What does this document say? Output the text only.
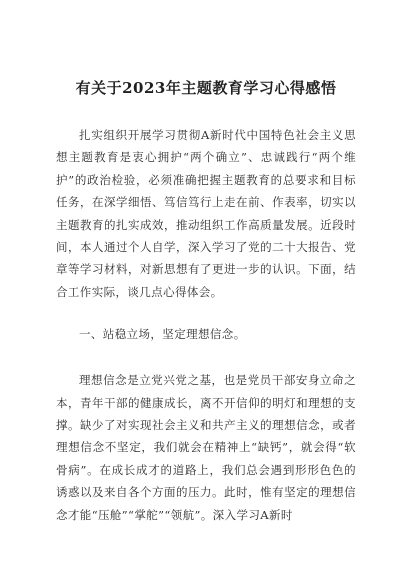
有关于2023年主题教育学习心得感悟

扎实组织开展学习贯彻A新时代中国特色社会主义思想主题教育是衷心拥护“两个确立”、忠诚践行“两个维护”的政治检验，必须准确把握主题教育的总要求和目标任务，在深学细悟、笃信笃行上走在前、作表率，切实以主题教育的扎实成效，推动组织工作高质量发展。近段时间，本人通过个人自学，深入学习了党的二十大报告、党章等学习材料，对新思想有了更进一步的认识。下面，结合工作实际，谈几点心得体会。

一、站稳立场，坚定理想信念。

理想信念是立党兴党之基，也是党员干部安身立命之本，青年干部的健康成长，离不开信仰的明灯和理想的支撑。缺少了对实现社会主义和共产主义的理想信念，或者理想信念不坚定，我们就会在精神上“缺钙”，就会得“软骨病”。在成长成才的道路上，我们总会遇到形形色色的诱惑以及来自各个方面的压力。此时，惟有坚定的理想信念才能“压舱”“掌舵”“领航”。深入学习A新时
